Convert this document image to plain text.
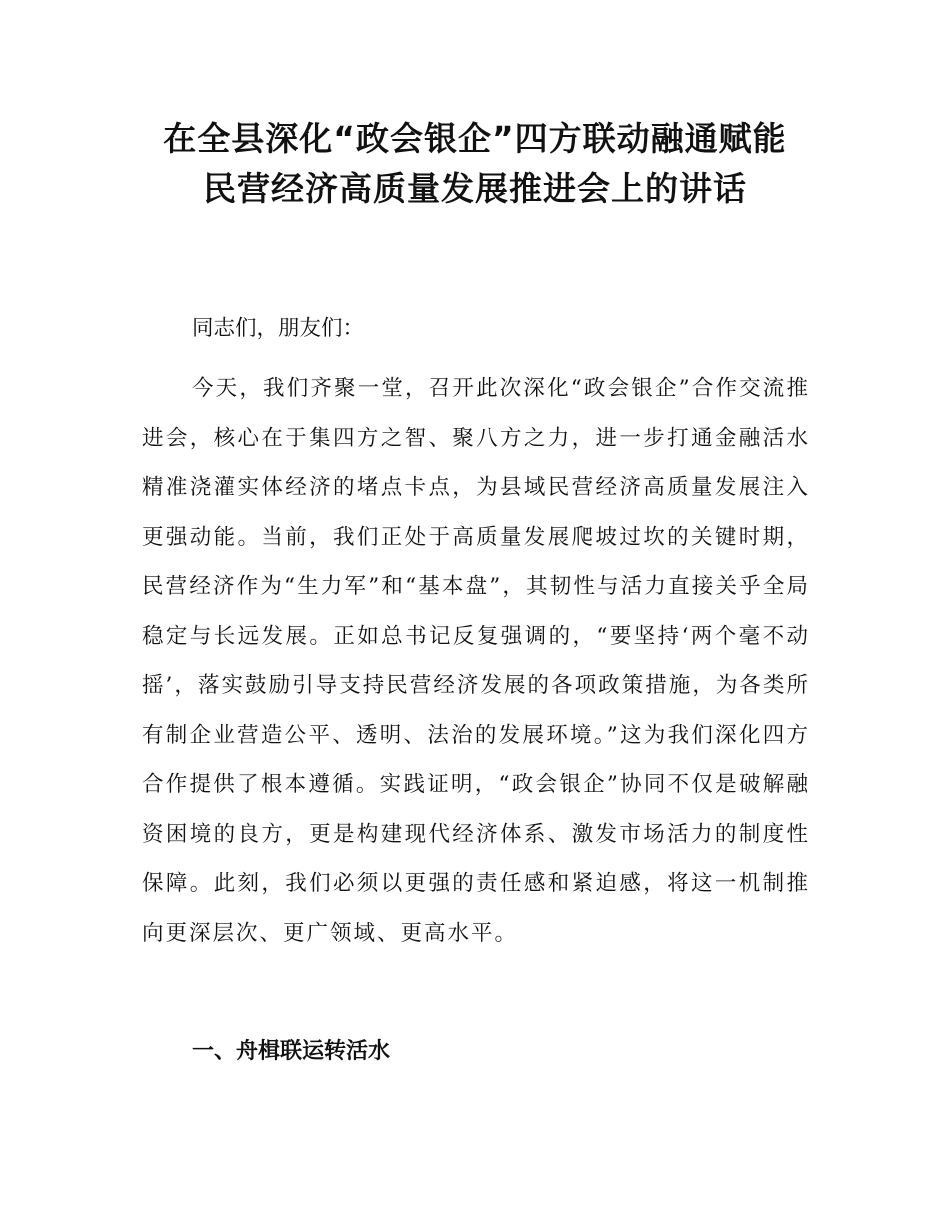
在全县深化“政会银企”四方联动融通赋能
民营经济高质量发展推进会上的讲话
同志们，朋友们：
今天，我们齐聚一堂，召开此次深化“政会银企”合作交流推进会，核心在于集四方之智、聚八方之力，进一步打通金融活水精准浇灌实体经济的堵点卡点，为县域民营经济高质量发展注入更强动能。当前，我们正处于高质量发展爬坡过坎的关键时期，民营经济作为“生力军”和“基本盘”，其韧性与活力直接关乎全局稳定与长远发展。正如总书记反复强调的，“要坚持‘两个毫不动摇’，落实鼓励引导支持民营经济发展的各项政策措施，为各类所有制企业营造公平、透明、法治的发展环境。”这为我们深化四方合作提供了根本遵循。实践证明，“政会银企”协同不仅是破解融资困境的良方，更是构建现代经济体系、激发市场活力的制度性保障。此刻，我们必须以更强的责任感和紧迫感，将这一机制推向更深层次、更广领域、更高水平。
一、舟楫联运转活水
